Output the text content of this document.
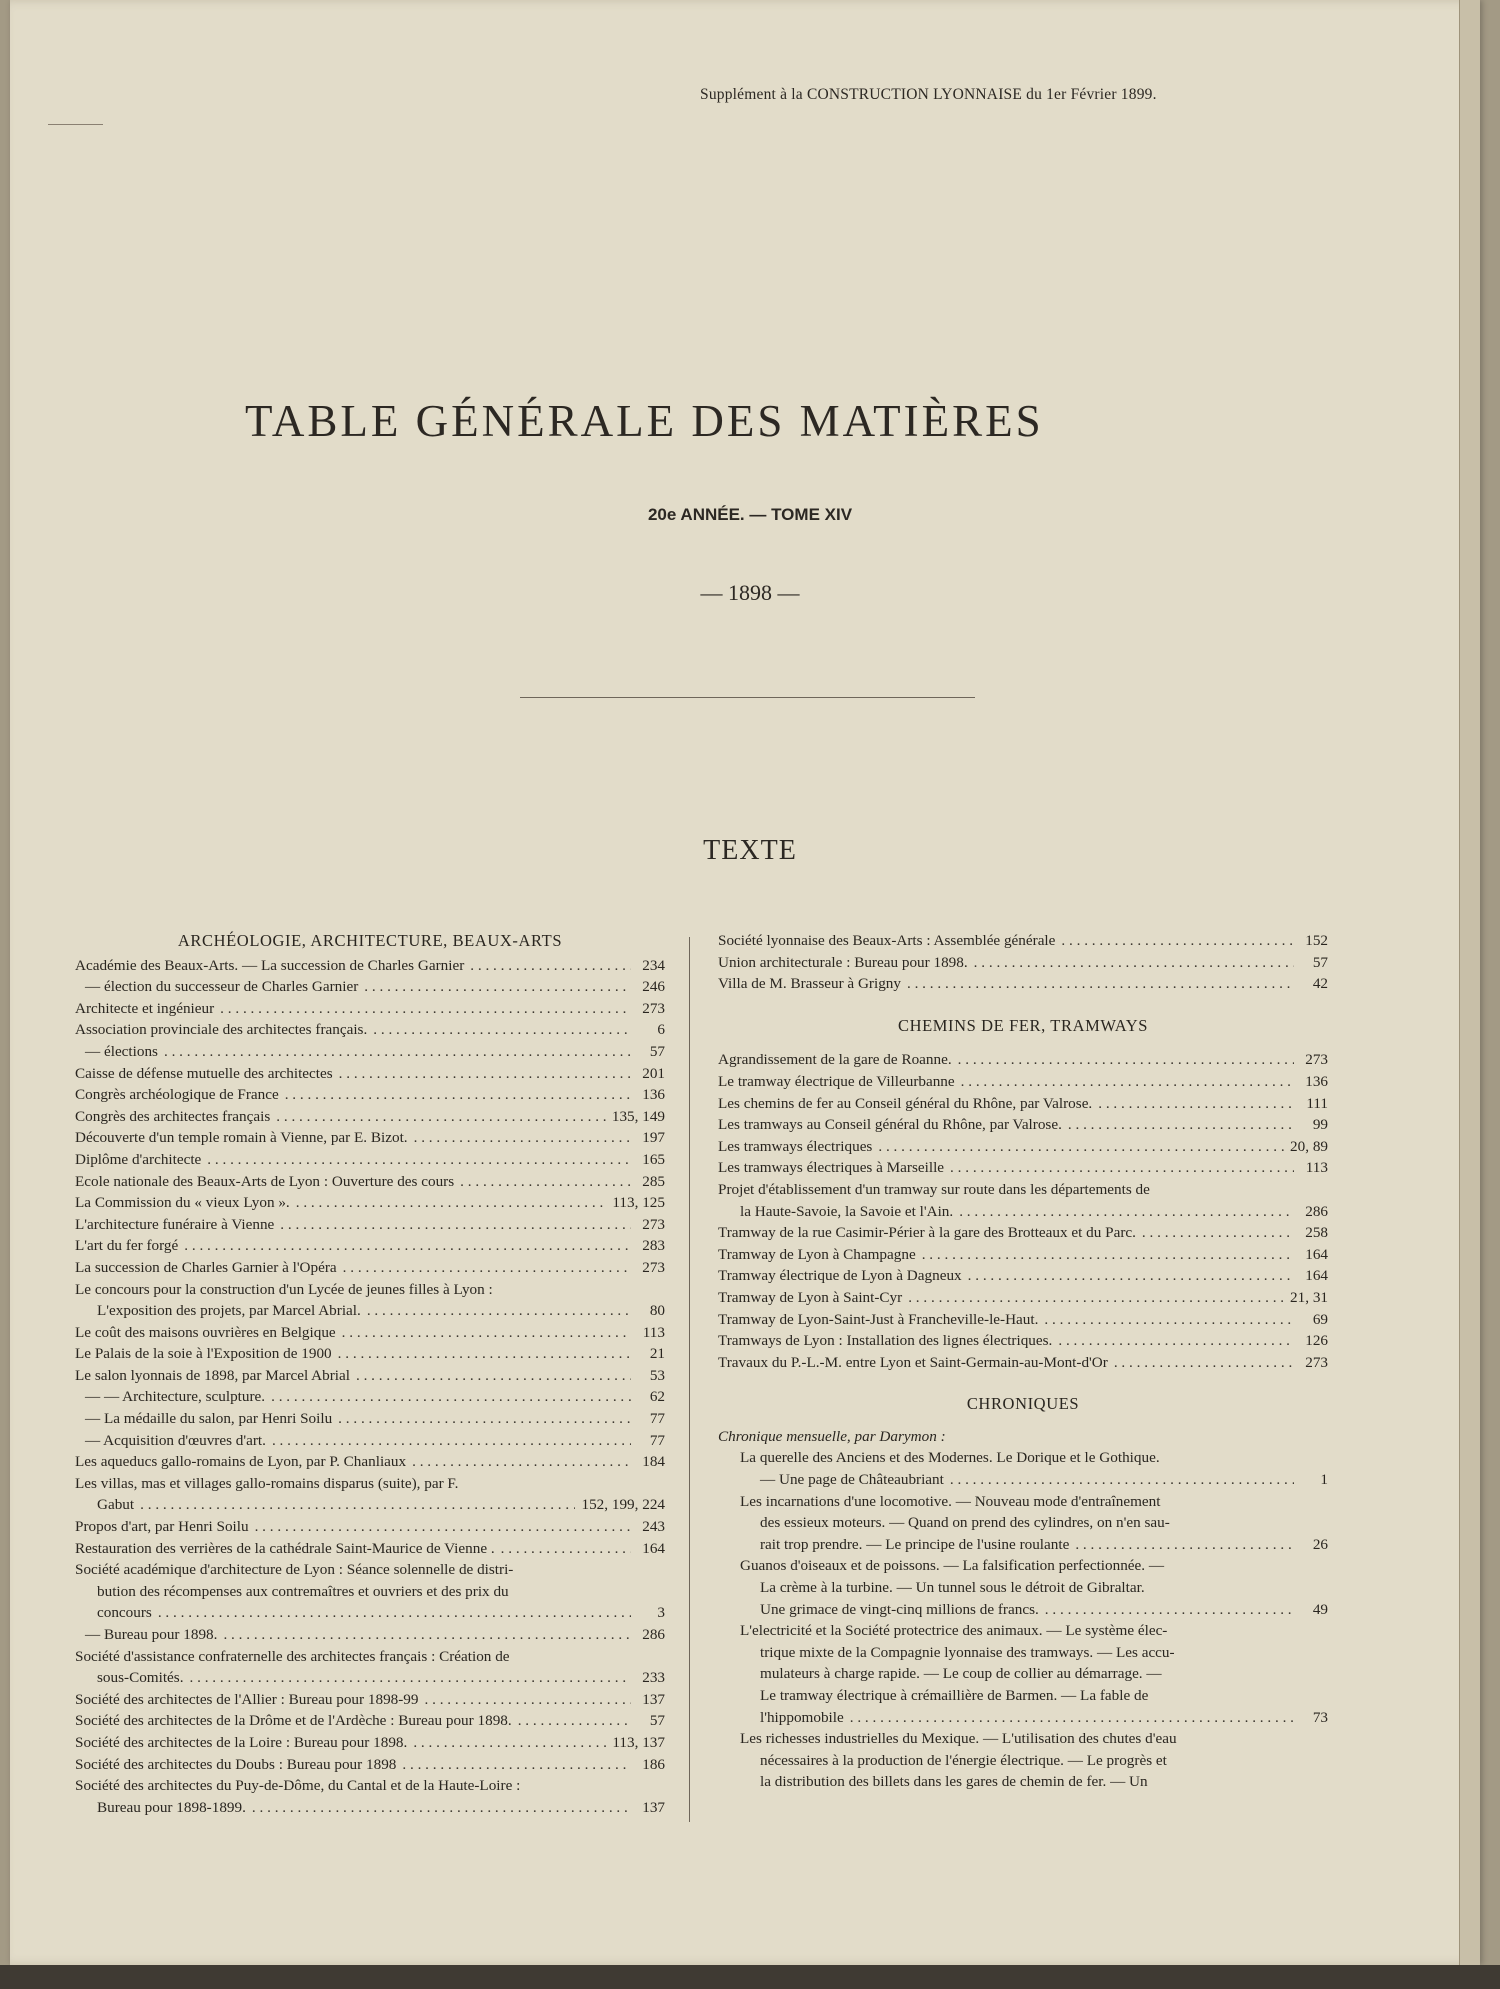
Supplément à la CONSTRUCTION LYONNAISE du 1er Février 1899.
TABLE GÉNÉRALE DES MATIÈRES
20e ANNÉE. — TOME XIV
— 1898 —
TEXTE
ARCHÉOLOGIE, ARCHITECTURE, BEAUX-ARTS
Académie des Beaux-Arts. — La succession de Charles Garnier . . .	234
— élection du successeur de Charles Garnier . . .	246
Architecte et ingénieur . . .	273
Association provinciale des architectes français. . . .	6
— élections . . .	57
Caisse de défense mutuelle des architectes . . .	201
Congrès archéologique de France . . .	136
Congrès des architectes français . . .	135, 149
Découverte d'un temple romain à Vienne, par E. Bizot. . . .	197
Diplôme d'architecte . . .	165
Ecole nationale des Beaux-Arts de Lyon : Ouverture des cours . . .	285
La Commission du « vieux Lyon ». . . .	113, 125
L'architecture funéraire à Vienne . . .	273
L'art du fer forgé . . .	283
La succession de Charles Garnier à l'Opéra . . .	273
Le concours pour la construction d'un Lycée de jeunes filles à Lyon :
L'exposition des projets, par Marcel Abrial. . . .	80
Le coût des maisons ouvrières en Belgique . . .	113
Le Palais de la soie à l'Exposition de 1900 . . .	21
Le salon lyonnais de 1898, par Marcel Abrial . . .	53
— — Architecture, sculpture. . . .	62
— La médaille du salon, par Henri Soilu . . .	77
— Acquisition d'œuvres d'art. . . .	77
Les aqueducs gallo-romains de Lyon, par P. Chanliaux . . .	184
Les villas, mas et villages gallo-romains disparus (suite), par F.
Gabut . . .	152, 199, 224
Propos d'art, par Henri Soilu . . .	243
Restauration des verrières de la cathédrale Saint-Maurice de Vienne . . . .	164
Société académique d'architecture de Lyon : Séance solennelle de distri-
bution des récompenses aux contremaîtres et ouvriers et des prix du
concours . . .	3
— Bureau pour 1898. . . .	286
Société d'assistance confraternelle des architectes français : Création de
sous-Comités. . . .	233
Société des architectes de l'Allier : Bureau pour 1898-99 . . .	137
Société des architectes de la Drôme et de l'Ardèche : Bureau pour 1898. . . .	57
Société des architectes de la Loire : Bureau pour 1898. . . .	113, 137
Société des architectes du Doubs : Bureau pour 1898 . . .	186
Société des architectes du Puy-de-Dôme, du Cantal et de la Haute-Loire :
Bureau pour 1898-1899. . . .	137
Société lyonnaise des Beaux-Arts : Assemblée générale . . .	152
Union architecturale : Bureau pour 1898. . . .	57
Villa de M. Brasseur à Grigny . . .	42
CHEMINS DE FER, TRAMWAYS
Agrandissement de la gare de Roanne. . . .	273
Le tramway électrique de Villeurbanne . . .	136
Les chemins de fer au Conseil général du Rhône, par Valrose. . . .	111
Les tramways au Conseil général du Rhône, par Valrose. . . .	99
Les tramways électriques . . .	20, 89
Les tramways électriques à Marseille . . .	113
Projet d'établissement d'un tramway sur route dans les départements de
la Haute-Savoie, la Savoie et l'Ain. . . .	286
Tramway de la rue Casimir-Périer à la gare des Brotteaux et du Parc. . . .	258
Tramway de Lyon à Champagne . . .	164
Tramway électrique de Lyon à Dagneux . . .	164
Tramway de Lyon à Saint-Cyr . . .	21, 31
Tramway de Lyon-Saint-Just à Francheville-le-Haut. . . .	69
Tramways de Lyon : Installation des lignes électriques. . . .	126
Travaux du P.-L.-M. entre Lyon et Saint-Germain-au-Mont-d'Or . . .	273
CHRONIQUES
Chronique mensuelle, par Darymon :
La querelle des Anciens et des Modernes. Le Dorique et le Gothique.
— Une page de Châteaubriant . . .	1
Les incarnations d'une locomotive. — Nouveau mode d'entraînement
des essieux moteurs. — Quand on prend des cylindres, on n'en sau-
rait trop prendre. — Le principe de l'usine roulante . . .	26
Guanos d'oiseaux et de poissons. — La falsification perfectionnée. —
La crème à la turbine. — Un tunnel sous le détroit de Gibraltar.
Une grimace de vingt-cinq millions de francs. . . .	49
L'electricité et la Société protectrice des animaux. — Le système élec-
trique mixte de la Compagnie lyonnaise des tramways. — Les accu-
mulateurs à charge rapide. — Le coup de collier au démarrage. —
Le tramway électrique à crémaillière de Barmen. — La fable de
l'hippomobile . . .	73
Les richesses industrielles du Mexique. — L'utilisation des chutes d'eau
nécessaires à la production de l'énergie électrique. — Le progrès et
la distribution des billets dans les gares de chemin de fer. — Un
